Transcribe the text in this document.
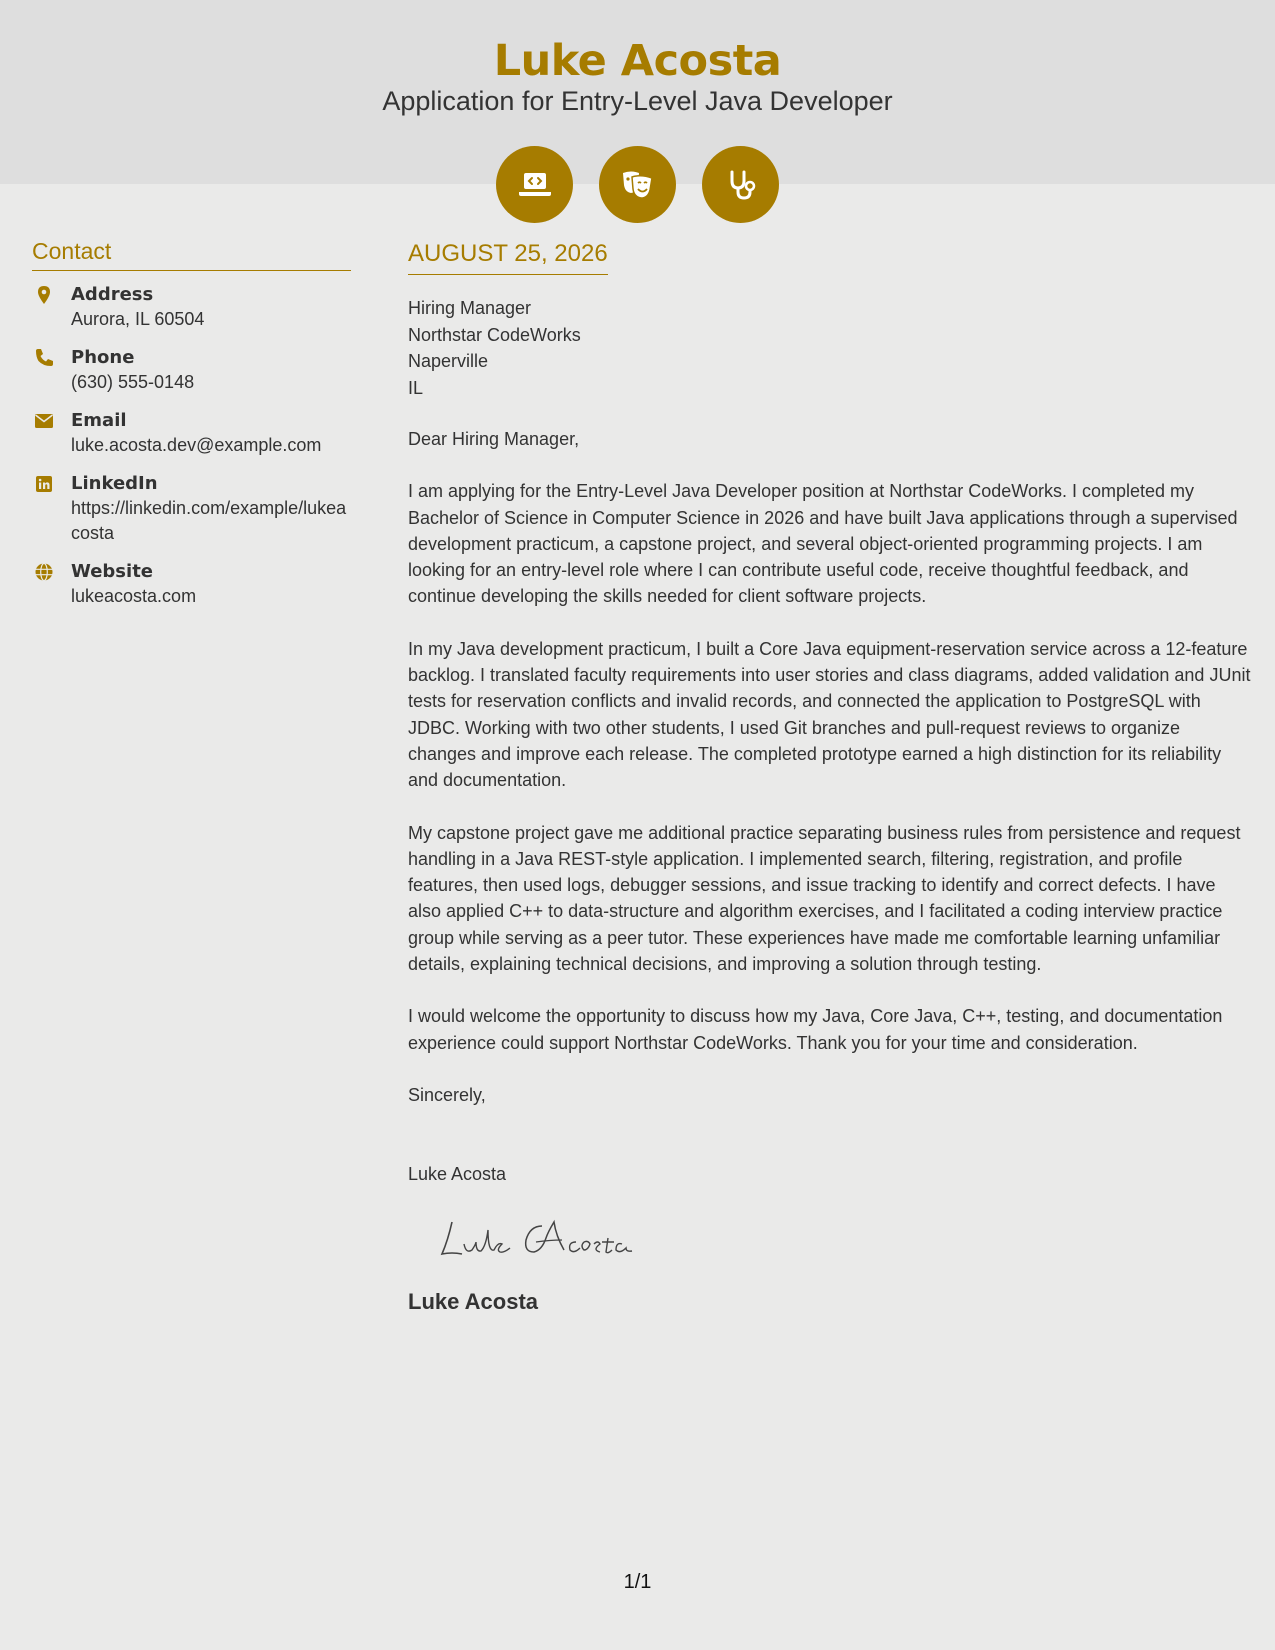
Luke Acosta
Application for Entry-Level Java Developer
Contact
Address
Aurora, IL 60504
Phone
(630) 555-0148
Email
luke.acosta.dev@example.com
LinkedIn
https://linkedin.com/example/lukeacosta
Website
lukeacosta.com
AUGUST 25, 2026
Hiring Manager
Northstar CodeWorks
Naperville
IL
Dear Hiring Manager,
I am applying for the Entry-Level Java Developer position at Northstar CodeWorks. I completed my Bachelor of Science in Computer Science in 2026 and have built Java applications through a supervised development practicum, a capstone project, and several object-oriented programming projects. I am looking for an entry-level role where I can contribute useful code, receive thoughtful feedback, and continue developing the skills needed for client software projects.
In my Java development practicum, I built a Core Java equipment-reservation service across a 12-feature backlog. I translated faculty requirements into user stories and class diagrams, added validation and JUnit tests for reservation conflicts and invalid records, and connected the application to PostgreSQL with JDBC. Working with two other students, I used Git branches and pull-request reviews to organize changes and improve each release. The completed prototype earned a high distinction for its reliability and documentation.
My capstone project gave me additional practice separating business rules from persistence and request handling in a Java REST-style application. I implemented search, filtering, registration, and profile features, then used logs, debugger sessions, and issue tracking to identify and correct defects. I have also applied C++ to data-structure and algorithm exercises, and I facilitated a coding interview practice group while serving as a peer tutor. These experiences have made me comfortable learning unfamiliar details, explaining technical decisions, and improving a solution through testing.
I would welcome the opportunity to discuss how my Java, Core Java, C++, testing, and documentation experience could support Northstar CodeWorks. Thank you for your time and consideration.
Sincerely,
Luke Acosta
Luke Acosta
1/1
